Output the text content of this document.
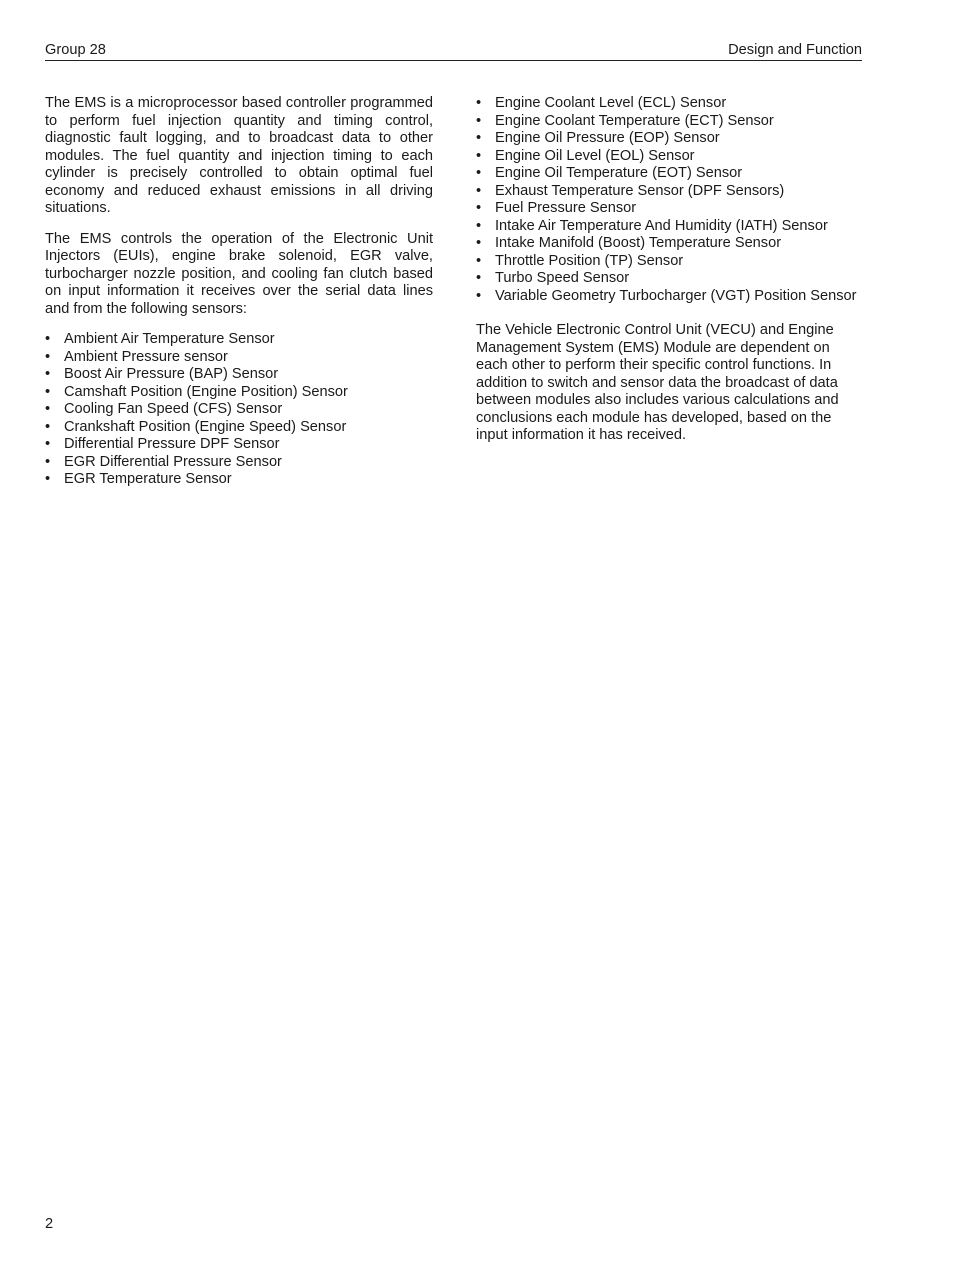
Group 28	Design and Function

The EMS is a microprocessor based controller programmed to perform fuel injection quantity and timing control, diagnostic fault logging, and to broadcast data to other modules. The fuel quantity and injection timing to each cylinder is precisely controlled to obtain optimal fuel economy and reduced exhaust emissions in all driving situations.

The EMS controls the operation of the Electronic Unit Injectors (EUIs), engine brake solenoid, EGR valve, turbocharger nozzle position, and cooling fan clutch based on input information it receives over the serial data lines and from the following sensors:

• Ambient Air Temperature Sensor
• Ambient Pressure sensor
• Boost Air Pressure (BAP) Sensor
• Camshaft Position (Engine Position) Sensor
• Cooling Fan Speed (CFS) Sensor
• Crankshaft Position (Engine Speed) Sensor
• Differential Pressure DPF Sensor
• EGR Differential Pressure Sensor
• EGR Temperature Sensor
• Engine Coolant Level (ECL) Sensor
• Engine Coolant Temperature (ECT) Sensor
• Engine Oil Pressure (EOP) Sensor
• Engine Oil Level (EOL) Sensor
• Engine Oil Temperature (EOT) Sensor
• Exhaust Temperature Sensor (DPF Sensors)
• Fuel Pressure Sensor
• Intake Air Temperature And Humidity (IATH) Sensor
• Intake Manifold (Boost) Temperature Sensor
• Throttle Position (TP) Sensor
• Turbo Speed Sensor
• Variable Geometry Turbocharger (VGT) Position Sensor

The Vehicle Electronic Control Unit (VECU) and Engine Management System (EMS) Module are dependent on each other to perform their specific control functions. In addition to switch and sensor data the broadcast of data between modules also includes various calculations and conclusions each module has developed, based on the input information it has received.

2
